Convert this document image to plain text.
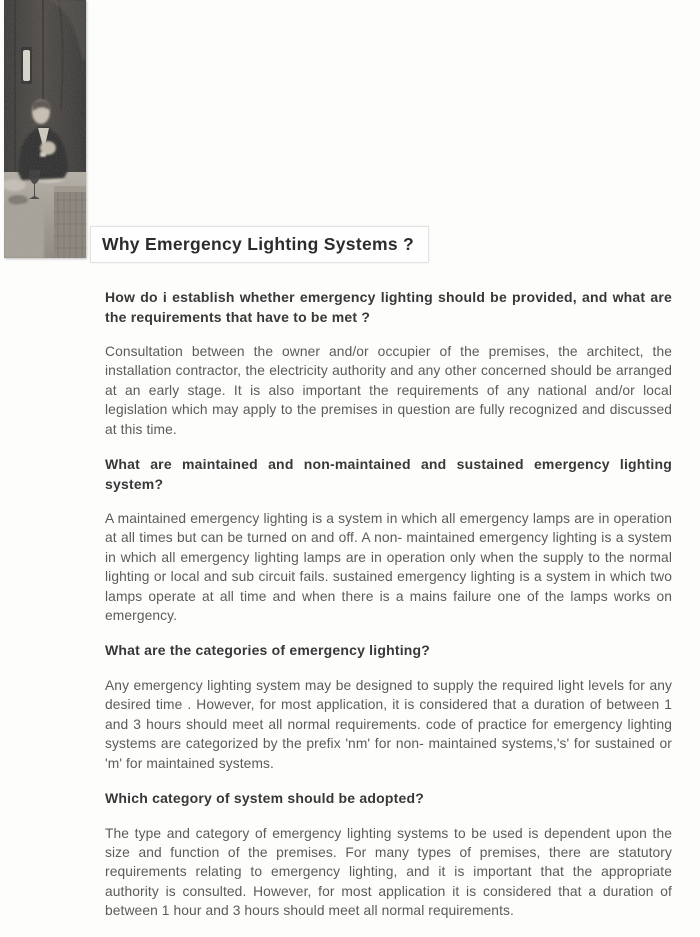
Why Emergency Lighting Systems ?

How do i establish whether emergency lighting should be provided, and what are the requirements that have to be met ?

Consultation between the owner and/or occupier of the premises, the architect, the installation contractor, the electricity authority and any other concerned should be arranged at an early stage. It is also important the requirements of any national and/or local legislation which may apply to the premises in question are fully recognized and discussed at this time.

What are maintained and non-maintained and sustained emergency lighting system?

A maintained emergency lighting is a system in which all emergency lamps are in operation at all times but can be turned on and off. A non- maintained emergency lighting is a system in which all emergency lighting lamps are in operation only when the supply to the normal lighting or local and sub circuit fails. sustained emergency lighting is a system in which two lamps operate at all time and when there is a mains failure one of the lamps works on emergency.

What are the categories of emergency lighting?

Any emergency lighting system may be designed to supply the required light levels for any desired time . However, for most application, it is considered that a duration of between 1 and 3 hours should meet all normal requirements. code of practice for emergency lighting systems are categorized by the prefix 'nm' for non- maintained systems,'s' for sustained or 'm' for maintained systems.

Which category of system should be adopted?

The type and category of emergency lighting systems to be used is dependent upon the size and function of the premises. For many types of premises, there are statutory requirements relating to emergency lighting, and it is important that the appropriate authority is consulted. However, for most application it is considered that a duration of between 1 hour and 3 hours should meet all normal requirements.
